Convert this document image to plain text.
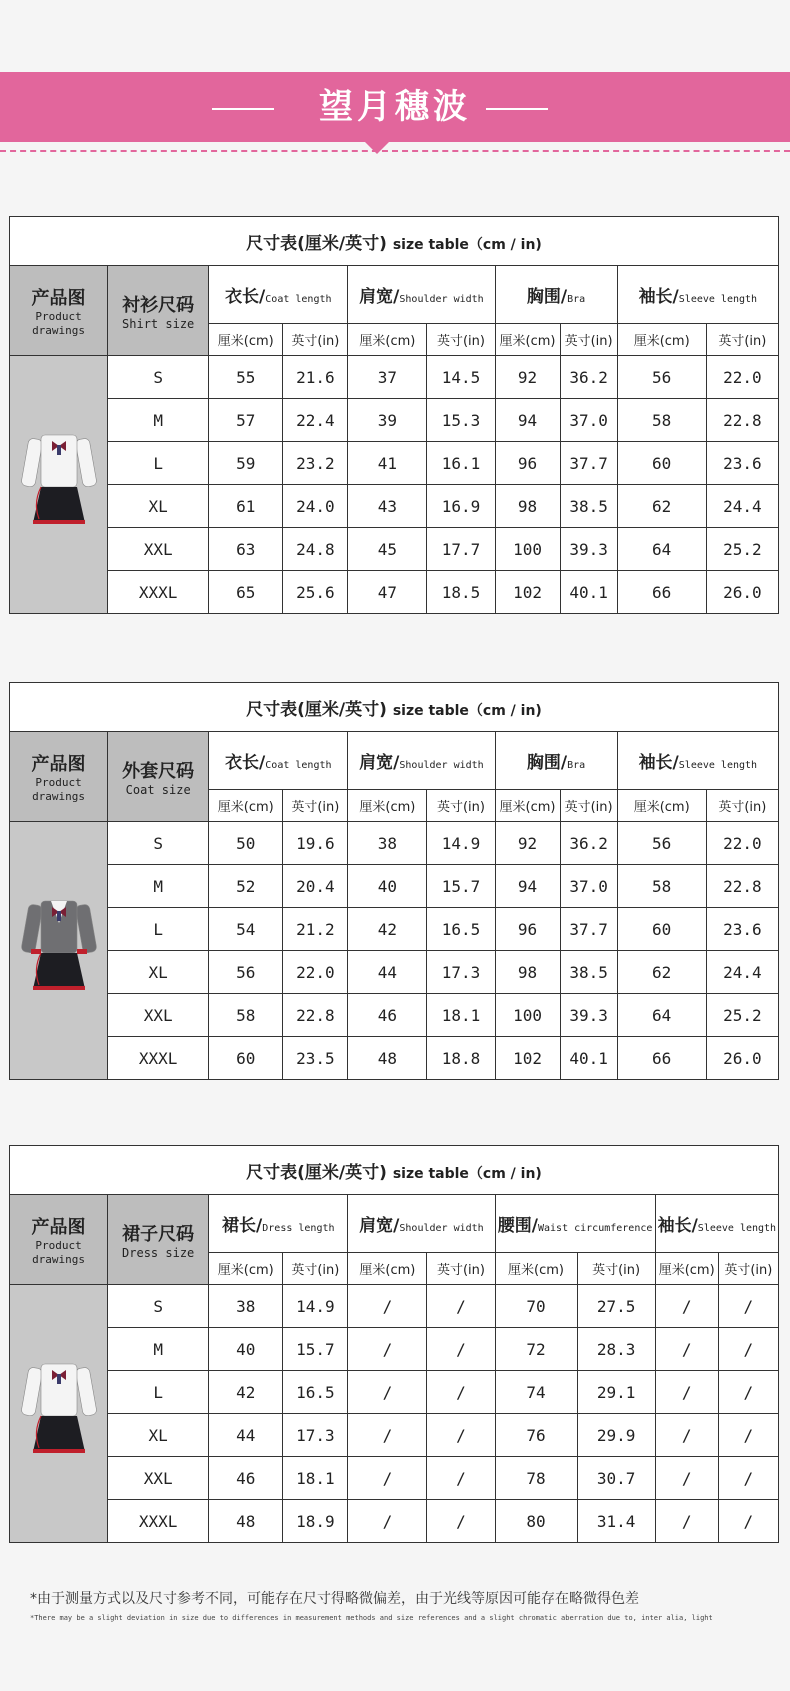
望月穗波
尺寸表(厘米/英寸) size table（cm / in)									

产品图
Product
drawings	衬衫尺码
Shirt size	衣长/Coat length		肩宽/Shoulder width		胸围/Bra		袖长/Sleeve length	
		厘米(cm)	英寸(in)	厘米(cm)	英寸(in)	厘米(cm)	英寸(in)	厘米(cm)	英寸(in)
	S	55	21.6	37	14.5	92	36.2	56	22.0
	M	57	22.4	39	15.3	94	37.0	58	22.8
	L	59	23.2	41	16.1	96	37.7	60	23.6
	XL	61	24.0	43	16.9	98	38.5	62	24.4
	XXL	63	24.8	45	17.7	100	39.3	64	25.2
	XXXL	65	25.6	47	18.5	102	40.1	66	26.0
尺寸表(厘米/英寸) size table（cm / in)									

产品图
Product
drawings	外套尺码
Coat size	衣长/Coat length		肩宽/Shoulder width		胸围/Bra		袖长/Sleeve length	
		厘米(cm)	英寸(in)	厘米(cm)	英寸(in)	厘米(cm)	英寸(in)	厘米(cm)	英寸(in)
	S	50	19.6	38	14.9	92	36.2	56	22.0
	M	52	20.4	40	15.7	94	37.0	58	22.8
	L	54	21.2	42	16.5	96	37.7	60	23.6
	XL	56	22.0	44	17.3	98	38.5	62	24.4
	XXL	58	22.8	46	18.1	100	39.3	64	25.2
	XXXL	60	23.5	48	18.8	102	40.1	66	26.0
尺寸表(厘米/英寸) size table（cm / in)									

产品图
Product
drawings	裙子尺码
Dress size	裙长/Dress length		肩宽/Shoulder width		腰围/Waist circumference		袖长/Sleeve length	
		厘米(cm)	英寸(in)	厘米(cm)	英寸(in)	厘米(cm)	英寸(in)	厘米(cm)	英寸(in)
	S	38	14.9	/	/	70	27.5	/	/
	M	40	15.7	/	/	72	28.3	/	/
	L	42	16.5	/	/	74	29.1	/	/
	XL	44	17.3	/	/	76	29.9	/	/
	XXL	46	18.1	/	/	78	30.7	/	/
	XXXL	48	18.9	/	/	80	31.4	/	/
*由于测量方式以及尺寸参考不同，可能存在尺寸得略微偏差，由于光线等原因可能存在略微得色差
*There may be a slight deviation in size due to differences in measurement methods and size references and a slight chromatic aberration due to, inter alia, light
